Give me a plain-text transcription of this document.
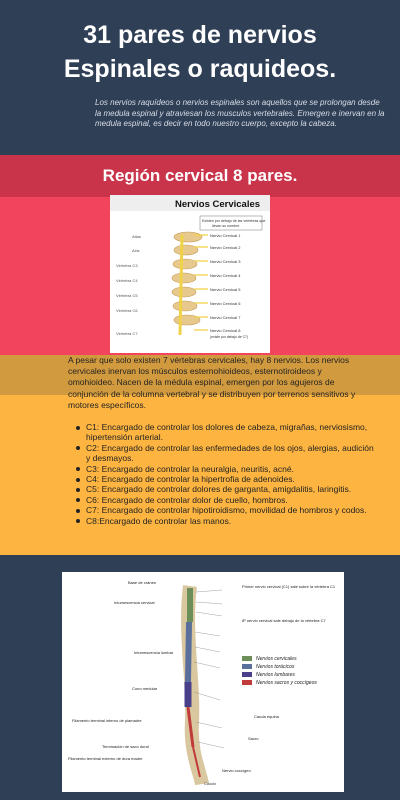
31 pares de nervios
Espinales o raquideos.

Los nervios raquídeos o nervios espinales son aquellos que se prolongan desde la medula espinal y atraviesan los musculos vertebrales. Emergen e inervan en la medula espinal, es decir en todo nuestro cuerpo, excepto la cabeza.

Región cervical 8 pares.
Nervios Cervicales
Existen por debajo de las vértebras que
llevan su nombre
Atlas
Axis
Vértebra C3
Vértebra C4
Vértebra C5
Vértebra C6
Vértebra C7
Nervio Cervical 1
Nervio Cervical 2
Nervio Cervical 3
Nervio Cervical 4
Nervio Cervical 5
Nervio Cervical 6
Nervio Cervical 7
Nervio Cervical 8
(existe por debajo de C7)

A pesar que solo existen 7 vértebras cervicales, hay 8 nervios. Los nervios cervicales inervan los músculos esternohioideos, esternotiroideos y omohioideo. Nacen de la médula espinal, emergen por los agujeros de conjunción de la columna vertebral y se distribuyen por terrenos sensitivos y motores específicos.

C1: Encargado de controlar los dolores de cabeza, migrañas, nerviosismo, hipertensión arterial.
C2: Encargado de controlar las enfermedades de los ojos, alergias, audición y desmayos.
C3: Encargado de controlar la neuralgia, neuritis, acné.
C4: Encargado de controlar la hipertrofia de adenoides.
C5: Encargado de controlar dolores de garganta, amigdalitis, laringitis.
C6: Encargado de controlar dolor de cuello, hombros.
C7: Encargado de controlar hipotiroidismo, movilidad de hombros y codos.
C8:Encargado de controlar las manos.
Base de cráneo
Intumescencia cervical
Intumescencia lumbar
Cono medular
Filamento terminal interno de piamadre
Terminación de saco dural
Filamento terminal externo de dura madre
Primer nervio cervical (C1) sale sobre la vértebra C1
8º nervio cervical sale debajo de la vértebra C7
Cauda equina
Sacro
Nervio coccígeo
Cóccix
Nervios cervicales
Nervios torácicos
Nervios lumbares
Nervios sacros y coccígeos
